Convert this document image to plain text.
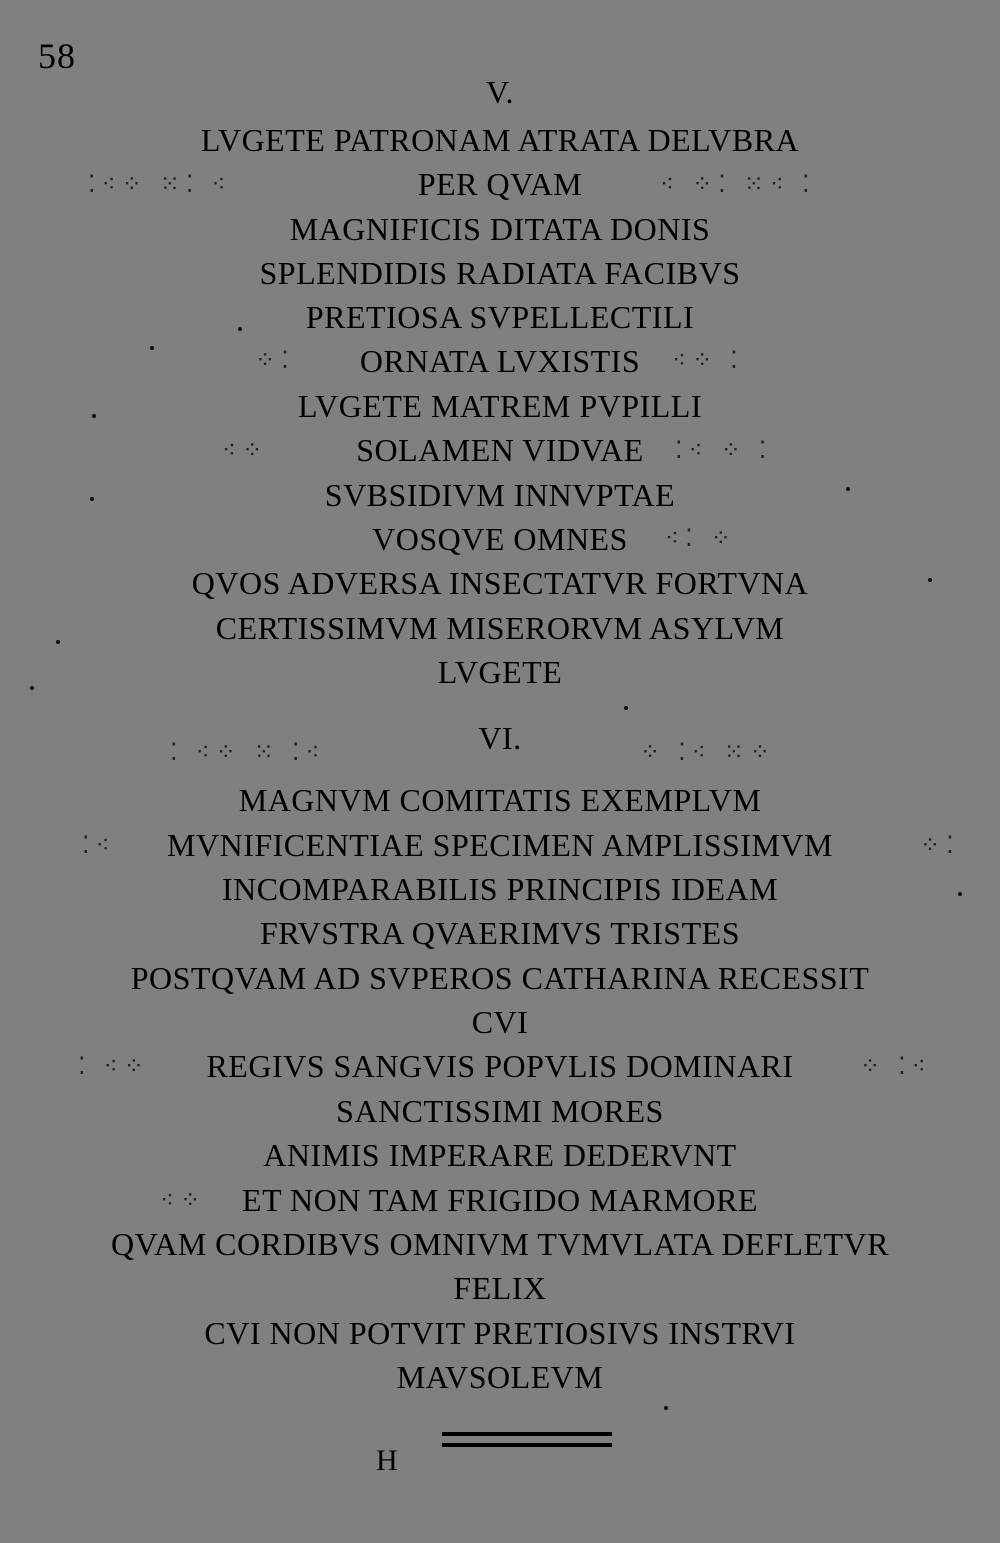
58
V.
LVGETE PATRONAM ATRATA DELVBRA
PER QVAM
MAGNIFICIS DITATA DONIS
SPLENDIDIS RADIATA FACIBVS
PRETIOSA SVPELLECTILI
ORNATA LVXISTIS
LVGETE MATREM PVPILLI
SOLAMEN VIDVAE
SVBSIDIVM INNVPTAE
VOSQVE OMNES
QVOS ADVERSA INSECTATVR FORTVNA
CERTISSIMVM MISERORVM ASYLVM
LVGETE
VI.
MAGNVM COMITATIS EXEMPLVM
MVNIFICENTIAE SPECIMEN AMPLISSIMVM
INCOMPARABILIS PRINCIPIS IDEAM
FRVSTRA QVAERIMVS TRISTES
POSTQVAM AD SVPEROS CATHARINA RECESSIT
CVI
REGIVS SANGVIS POPVLIS DOMINARI
SANCTISSIMI MORES
ANIMIS IMPERARE DEDERVNT
ET NON TAM FRIGIDO MARMORE
QVAM CORDIBVS OMNIVM TVMVLATA DEFLETVR
FELIX
CVI NON POTVIT PRETIOSIVS INSTRVI
MAVSOLEVM
H
⁚⁖⁘ ⁙⁚ ⁖	⁖ ⁘⁚ ⁙⁖ ⁚
⁘⁚	⁖⁘ ⁚
⁖⁘	⁚⁖ ⁘ ⁚
⁖⁚ ⁘
⁚ ⁖⁘ ⁙ ⁚⁖	⁘ ⁚⁖ ⁙⁘
⁚⁖	⁘⁚
⁚ ⁖⁘	⁘ ⁚⁖
⁖⁘
